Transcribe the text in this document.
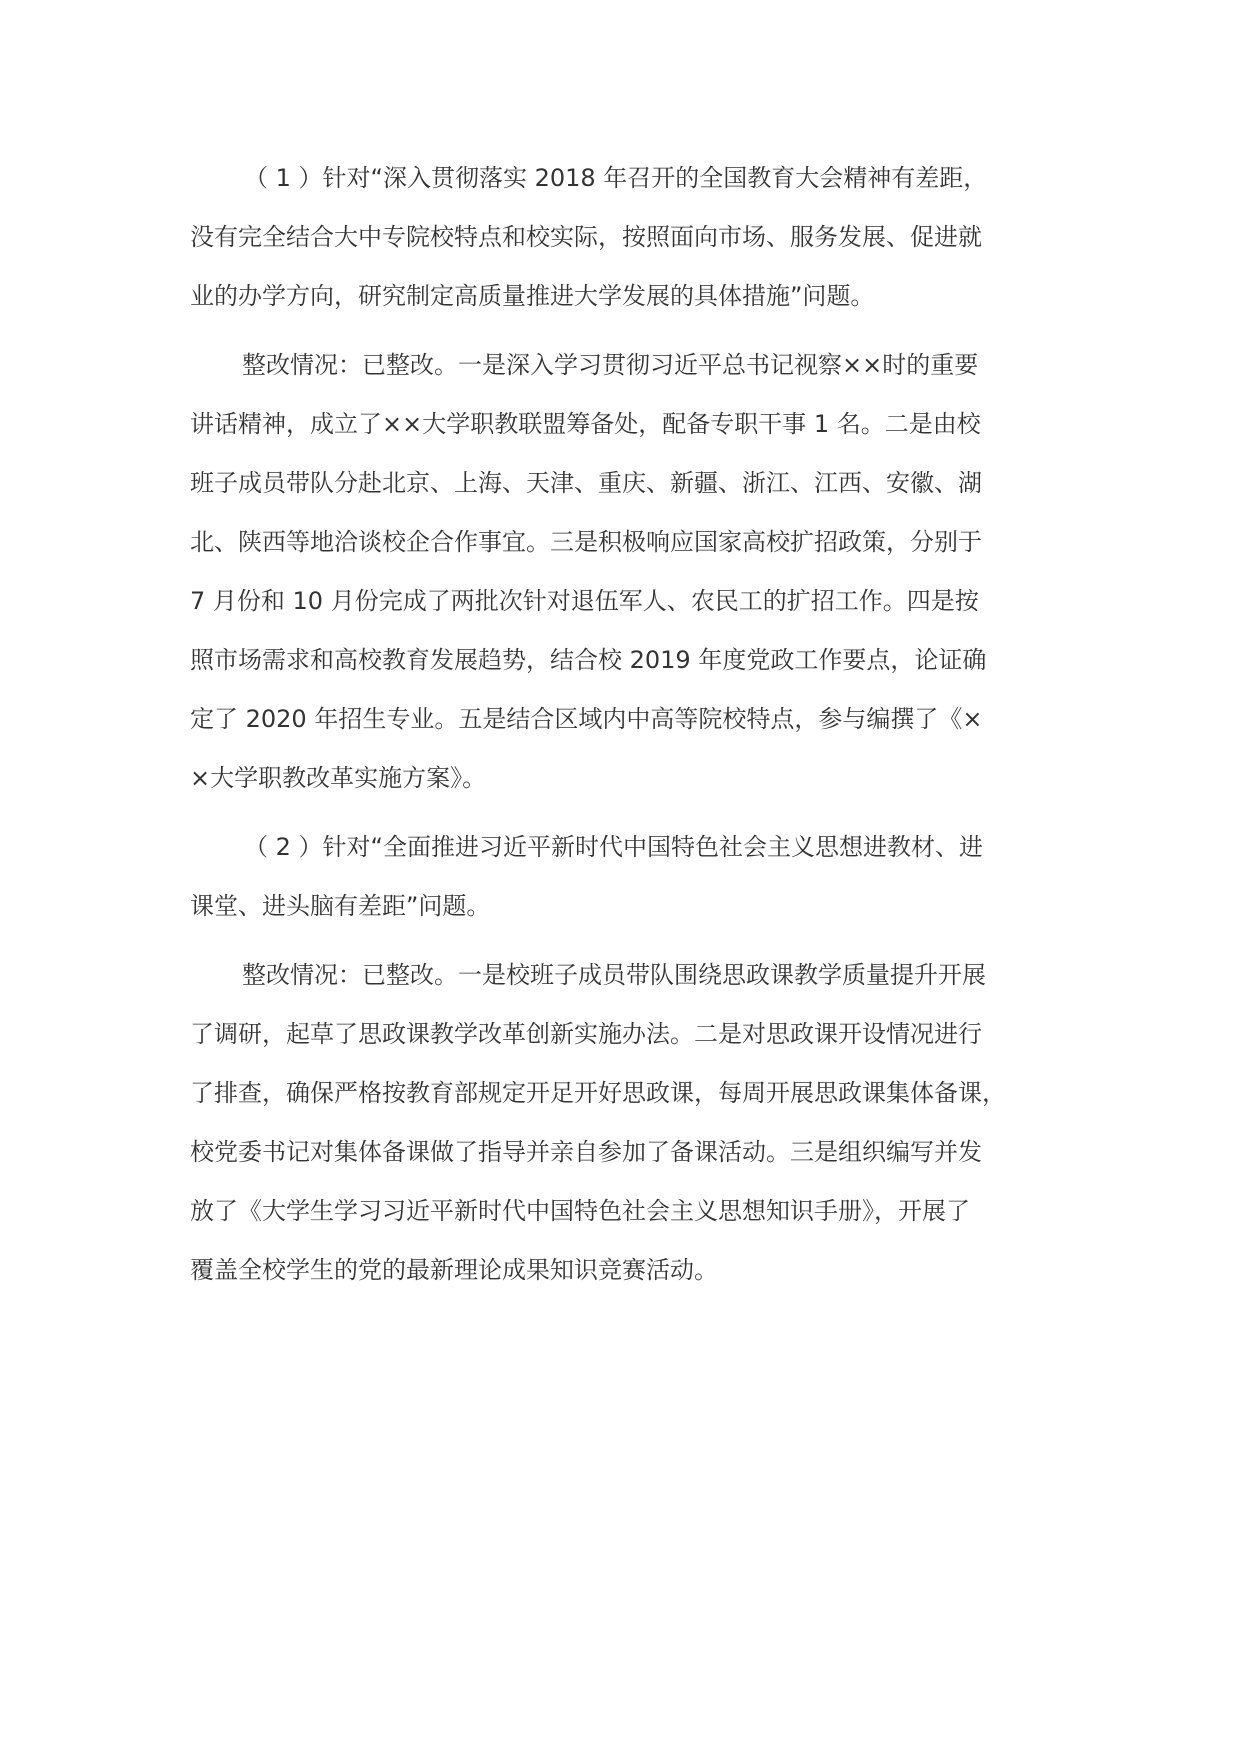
（ 1 ）针对“深入贯彻落实 2018 年召开的全国教育大会精神有差距，
没有完全结合大中专院校特点和校实际，按照面向市场、服务发展、促进就
业的办学方向，研究制定高质量推进大学发展的具体措施”问题。
整改情况：已整改。一是深入学习贯彻习近平总书记视察××时的重要
讲话精神，成立了××大学职教联盟筹备处，配备专职干事 1 名。二是由校
班子成员带队分赴北京、上海、天津、重庆、新疆、浙江、江西、安徽、湖
北、陕西等地洽谈校企合作事宜。三是积极响应国家高校扩招政策，分别于
7 月份和 10 月份完成了两批次针对退伍军人、农民工的扩招工作。四是按
照市场需求和高校教育发展趋势，结合校 2019 年度党政工作要点，论证确
定了 2020 年招生专业。五是结合区域内中高等院校特点，参与编撰了《×
×大学职教改革实施方案》。
（ 2 ）针对“全面推进习近平新时代中国特色社会主义思想进教材、进
课堂、进头脑有差距”问题。
整改情况：已整改。一是校班子成员带队围绕思政课教学质量提升开展
了调研，起草了思政课教学改革创新实施办法。二是对思政课开设情况进行
了排查，确保严格按教育部规定开足开好思政课，每周开展思政课集体备课，
校党委书记对集体备课做了指导并亲自参加了备课活动。三是组织编写并发
放了《大学生学习习近平新时代中国特色社会主义思想知识手册》，开展了
覆盖全校学生的党的最新理论成果知识竞赛活动。
